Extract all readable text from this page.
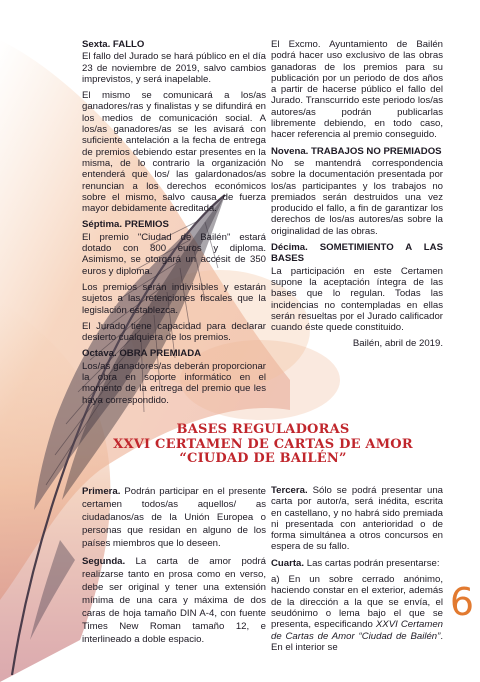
Sexta. FALLO

El fallo del Jurado se hará público en el día 23 de noviembre de 2019, salvo cambios imprevistos, y será inapelable.

El mismo se comunicará a los/as ganadores/ras y finalistas y se difundirá en los medios de comunicación social. A los/as ganadores/as se les avisará con suficiente antelación a la fecha de entrega de premios debiendo estar presentes en la misma, de lo contrario la organización entenderá que los/ las galardonados/as renuncian a los derechos económicos sobre el mismo, salvo causa de fuerza mayor debidamente acreditada.

Séptima. PREMIOS

El premio "Ciudad de Bailén" estará dotado con 800 euros y diploma. Asimismo, se otorgará un accésit de 350 euros y diploma.

Los premios serán indivisibles y estarán sujetos a las retenciones fiscales que la legislación establezca.

El Jurado tiene capacidad para declarar desierto cualquiera de los premios.

Octava. OBRA PREMIADA

Los/as ganadores/as deberán proporcionar la obra en soporte informático en el momento de la entrega del premio que les haya correspondido.

El Excmo. Ayuntamiento de Bailén podrá hacer uso exclusivo de las obras ganadoras de los premios para su publicación por un periodo de dos años a partir de hacerse público el fallo del Jurado. Transcurrido este periodo los/as autores/as podrán publicarlas libremente debiendo, en todo caso, hacer referencia al premio conseguido.

Novena. TRABAJOS NO PREMIADOS

No se mantendrá correspondencia sobre la documentación presentada por los/as participantes y los trabajos no premiados serán destruidos una vez producido el fallo, a fin de garantizar los derechos de los/as autores/as sobre la originalidad de las obras.

Décima. SOMETIMIENTO A LAS BASES

La participación en este Certamen supone la aceptación íntegra de las bases que lo regulan. Todas las incidencias no contempladas en ellas serán resueltas por el Jurado calificador cuando éste quede constituido.

Bailén, abril de 2019.

BASES REGULADORAS
XXVI CERTAMEN DE CARTAS DE AMOR
“CIUDAD DE BAILÉN”

Primera. Podrán participar en el presente certamen todos/as aquellos/ as ciudadanos/as de la Unión Europea o personas que residan en alguno de los países miembros que lo deseen.

Segunda. La carta de amor podrá realizarse tanto en prosa como en verso, debe ser original y tener una extensión mínima de una cara y máxima de dos caras de hoja tamaño DIN A-4, con fuente Times New Roman tamaño 12, e interlineado a doble espacio.

Tercera. Sólo se podrá presentar una carta por autor/a, será inédita, escrita en castellano, y no habrá sido premiada ni presentada con anterioridad o de forma simultánea a otros concursos en espera de su fallo.

Cuarta. Las cartas podrán presentarse:

a) En un sobre cerrado anónimo, haciendo constar en el exterior, además de la dirección a la que se envía, el seudónimo o lema bajo el que se presenta, especificando XXVI Certamen de Cartas de Amor “Ciudad de Bailén”. En el interior se

6
